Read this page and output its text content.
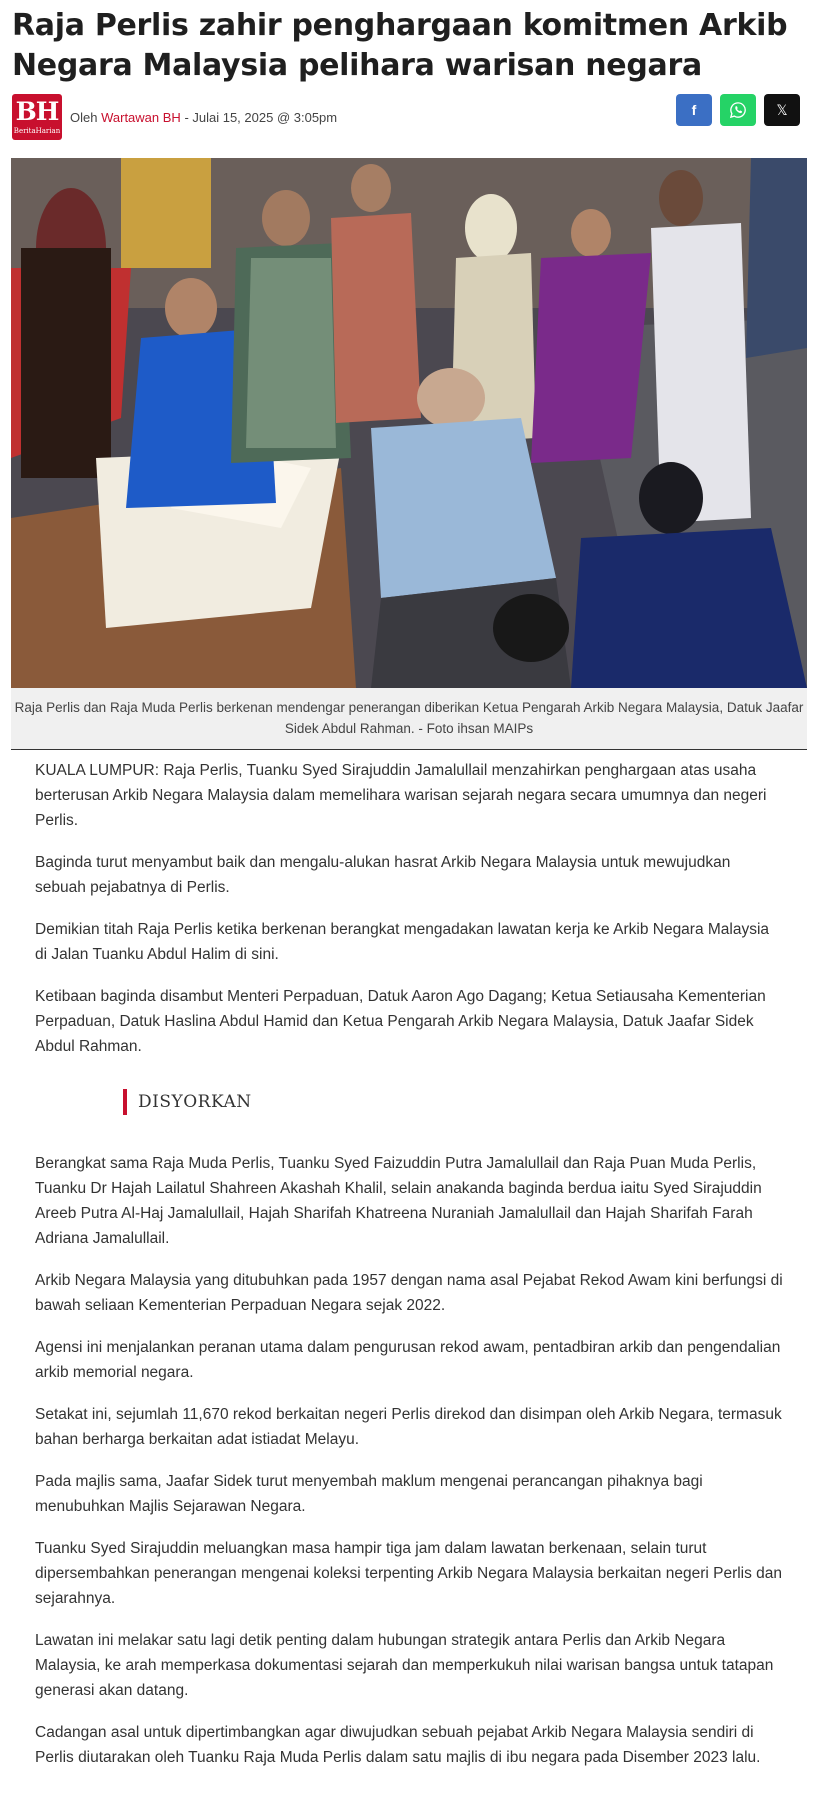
Raja Perlis zahir penghargaan komitmen Arkib Negara Malaysia pelihara warisan negara
BH
BeritaHarian
Oleh Wartawan BH - Julai 15, 2025 @ 3:05pm	f	𝕏
Raja Perlis dan Raja Muda Perlis berkenan mendengar penerangan diberikan Ketua Pengarah Arkib Negara Malaysia, Datuk Jaafar Sidek Abdul Rahman. - Foto ihsan MAIPs

KUALA LUMPUR: Raja Perlis, Tuanku Syed Sirajuddin Jamalullail menzahirkan penghargaan atas usaha berterusan Arkib Negara Malaysia dalam memelihara warisan sejarah negara secara umumnya dan negeri Perlis.

Baginda turut menyambut baik dan mengalu-alukan hasrat Arkib Negara Malaysia untuk mewujudkan sebuah pejabatnya di Perlis.

Demikian titah Raja Perlis ketika berkenan berangkat mengadakan lawatan kerja ke Arkib Negara Malaysia di Jalan Tuanku Abdul Halim di sini.

Ketibaan baginda disambut Menteri Perpaduan, Datuk Aaron Ago Dagang; Ketua Setiausaha Kementerian Perpaduan, Datuk Haslina Abdul Hamid dan Ketua Pengarah Arkib Negara Malaysia, Datuk Jaafar Sidek Abdul Rahman.

DISYORKAN

Berangkat sama Raja Muda Perlis, Tuanku Syed Faizuddin Putra Jamalullail dan Raja Puan Muda Perlis, Tuanku Dr Hajah Lailatul Shahreen Akashah Khalil, selain anakanda baginda berdua iaitu Syed Sirajuddin Areeb Putra Al-Haj Jamalullail, Hajah Sharifah Khatreena Nuraniah Jamalullail dan Hajah Sharifah Farah Adriana Jamalullail.

Arkib Negara Malaysia yang ditubuhkan pada 1957 dengan nama asal Pejabat Rekod Awam kini berfungsi di bawah seliaan Kementerian Perpaduan Negara sejak 2022.

Agensi ini menjalankan peranan utama dalam pengurusan rekod awam, pentadbiran arkib dan pengendalian arkib memorial negara.

Setakat ini, sejumlah 11,670 rekod berkaitan negeri Perlis direkod dan disimpan oleh Arkib Negara, termasuk bahan berharga berkaitan adat istiadat Melayu.

Pada majlis sama, Jaafar Sidek turut menyembah maklum mengenai perancangan pihaknya bagi menubuhkan Majlis Sejarawan Negara.

Tuanku Syed Sirajuddin meluangkan masa hampir tiga jam dalam lawatan berkenaan, selain turut dipersembahkan penerangan mengenai koleksi terpenting Arkib Negara Malaysia berkaitan negeri Perlis dan sejarahnya.

Lawatan ini melakar satu lagi detik penting dalam hubungan strategik antara Perlis dan Arkib Negara Malaysia, ke arah memperkasa dokumentasi sejarah dan memperkukuh nilai warisan bangsa untuk tatapan generasi akan datang.

Cadangan asal untuk dipertimbangkan agar diwujudkan sebuah pejabat Arkib Negara Malaysia sendiri di Perlis diutarakan oleh Tuanku Raja Muda Perlis dalam satu majlis di ibu negara pada Disember 2023 lalu.
